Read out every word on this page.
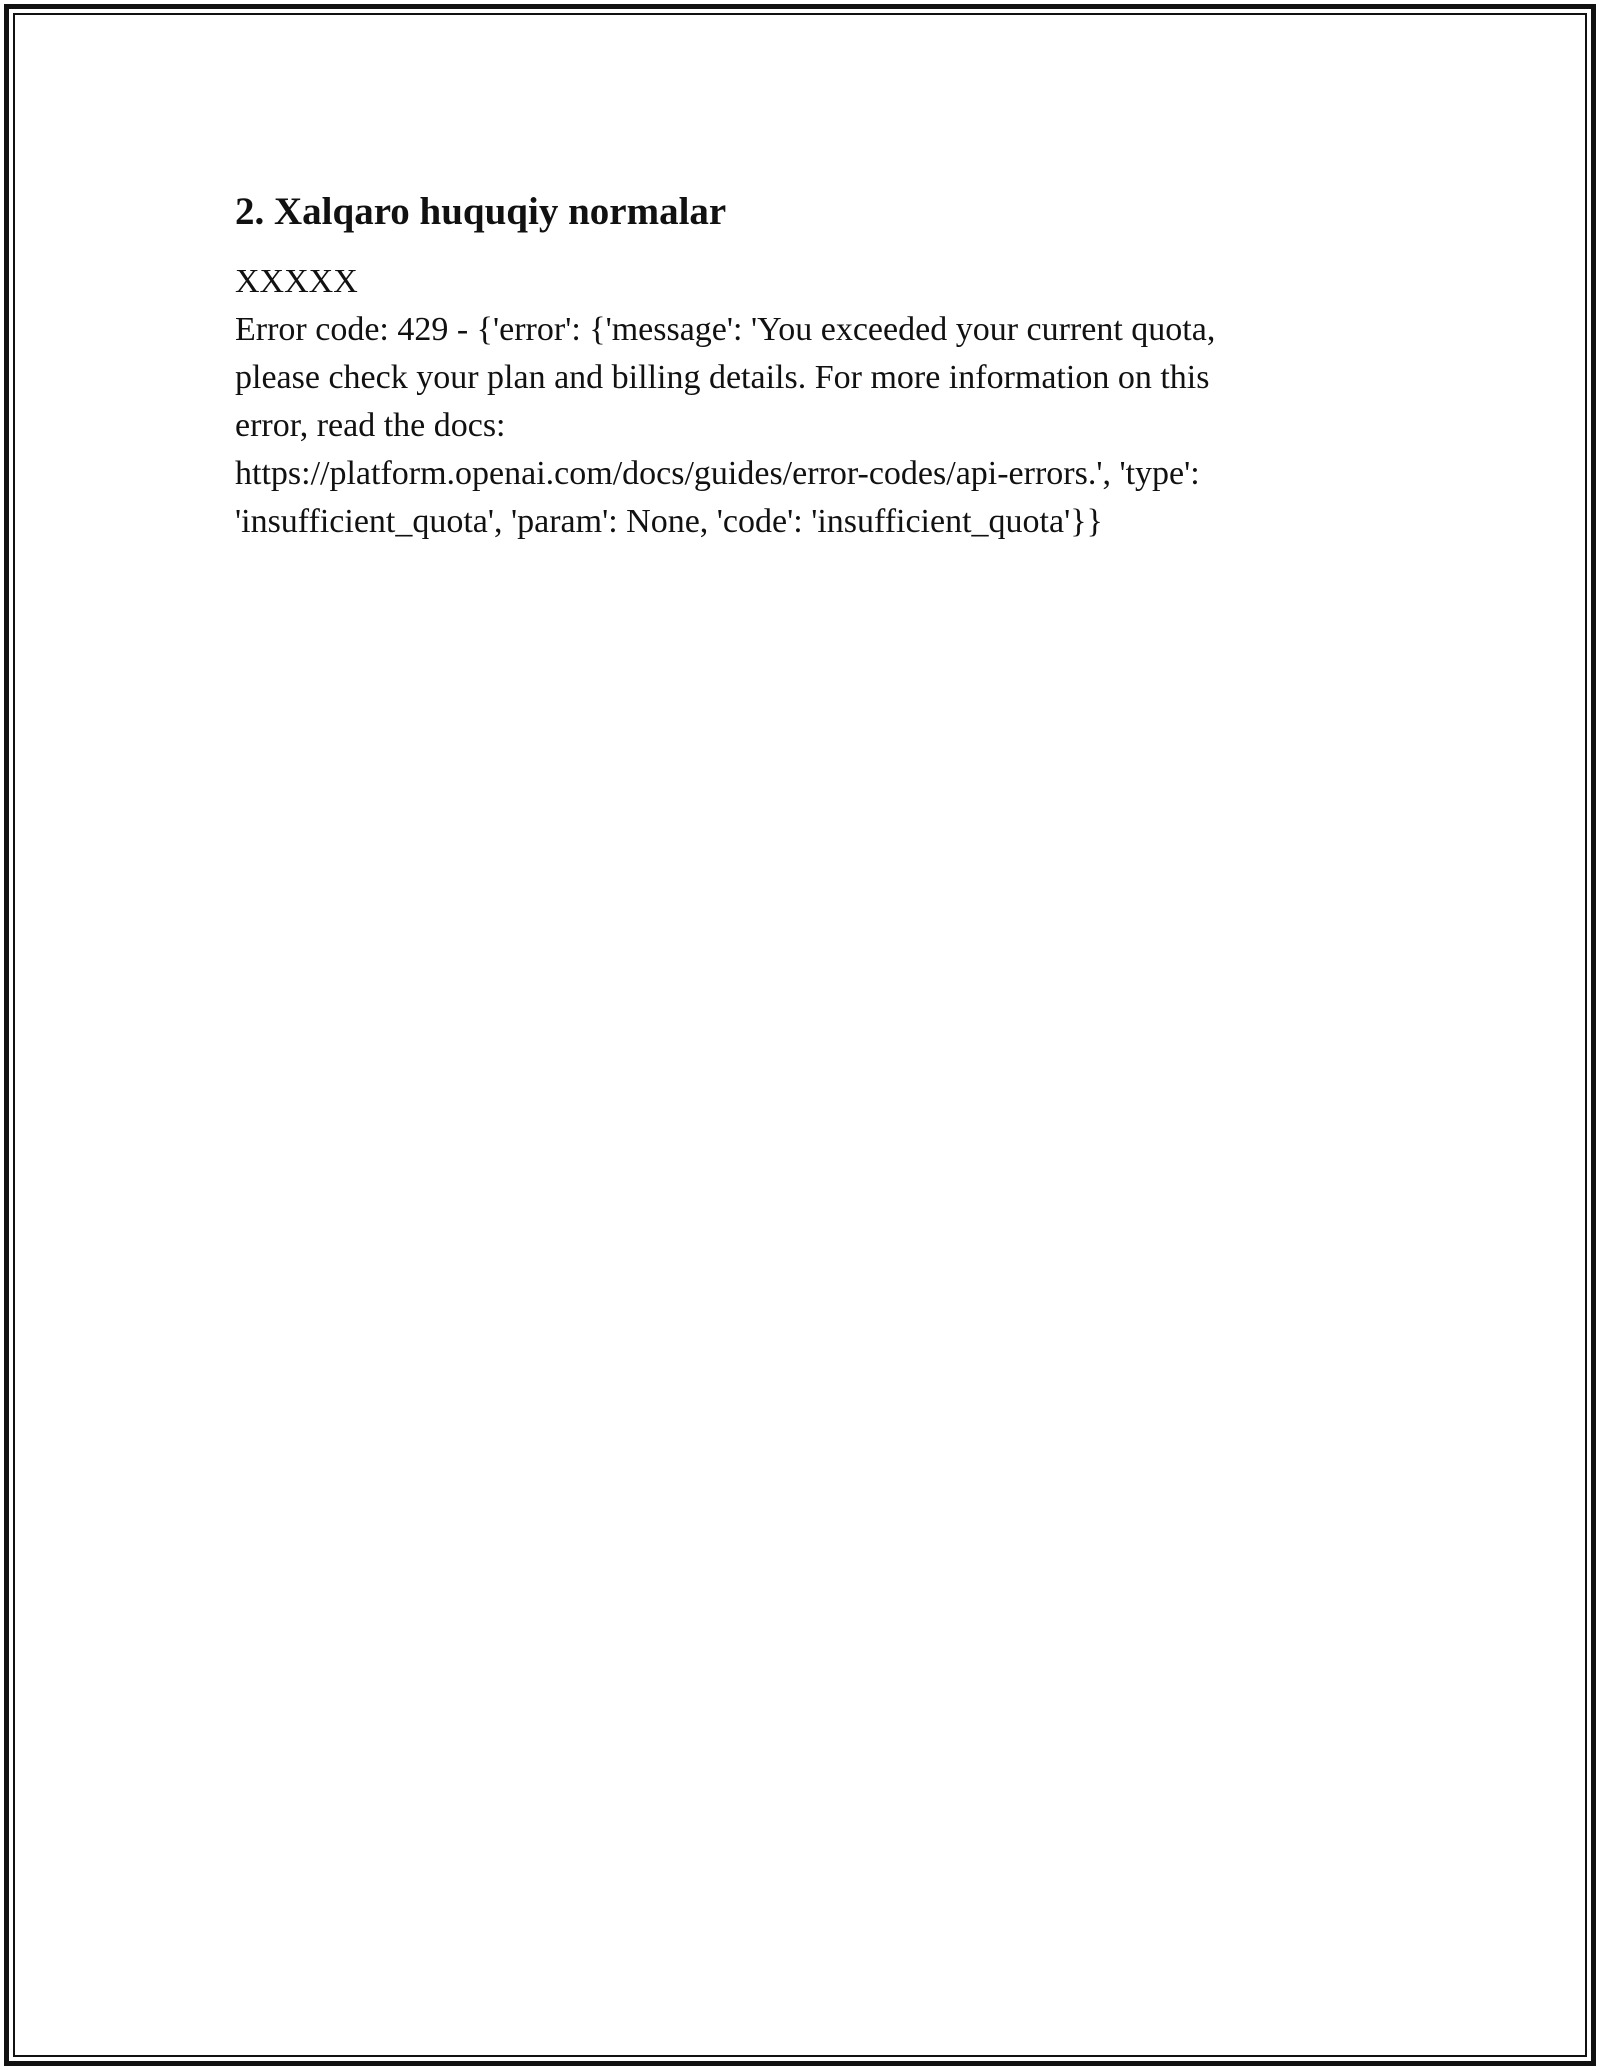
2. Xalqaro huquqiy normalar
XXXXX
Error code: 429 - {'error': {'message': 'You exceeded your current quota,
please check your plan and billing details. For more information on this
error, read the docs:
https://platform.openai.com/docs/guides/error-codes/api-errors.', 'type':
'insufficient_quota', 'param': None, 'code': 'insufficient_quota'}}
